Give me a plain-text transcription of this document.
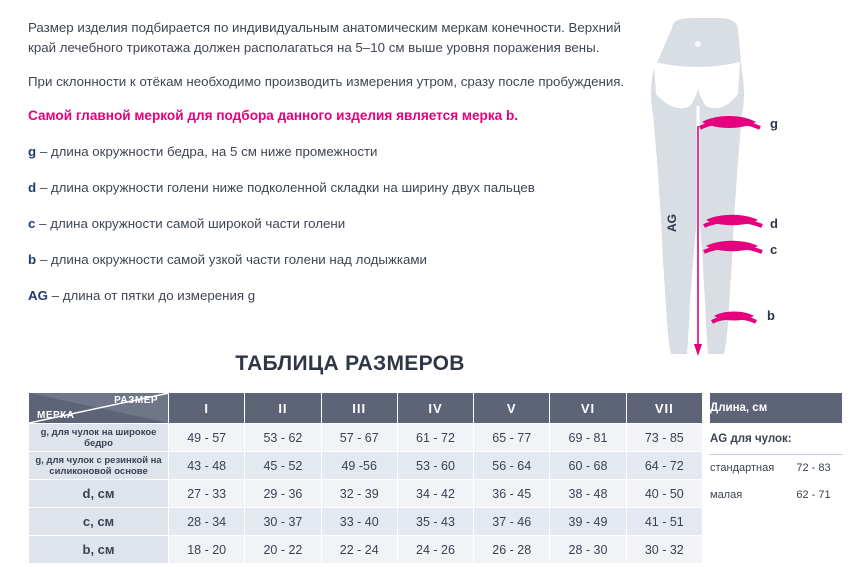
Размер изделия подбирается по индивидуальным анатомическим меркам конечности. Верхний край лечебного трикотажа должен располагаться на 5–10 см выше уровня поражения вены.
При склонности к отёкам необходимо производить измерения утром, сразу после пробуждения.
Самой главной меркой для подбора данного изделия является мерка b.
g – длина окружности бедра, на 5 см ниже промежности
d – длина окружности голени ниже подколенной складки на ширину двух пальцев
c – длина окружности самой широкой части голени
b – длина окружности самой узкой части голени над лодыжками
AG – длина от пятки до измерения g
g
d
c
b
AG
ТАБЛИЦА РАЗМЕРОВ
РАЗМЕР
МЕРКА	I	II	III	IV	V	VI	VII
g, для чулок на широкое бедро	49 - 57	53 - 62	57 - 67	61 - 72	65 - 77	69 - 81	73 - 85
g, для чулок с резинкой на силиконовой основе	43 - 48	45 - 52	49 -56	53 - 60	56 - 64	60 - 68	64 - 72
d, см	27 - 33	29 - 36	32 - 39	34 - 42	36 - 45	38 - 48	40 - 50
c, см	28 - 34	30 - 37	33 - 40	35 - 43	37 - 46	39 - 49	41 - 51
b, см	18 - 20	20 - 22	22 - 24	24 - 26	26 - 28	28 - 30	30 - 32
Длина, см	
AG для чулок:	
стандартная	72 - 83
малая	62 - 71
